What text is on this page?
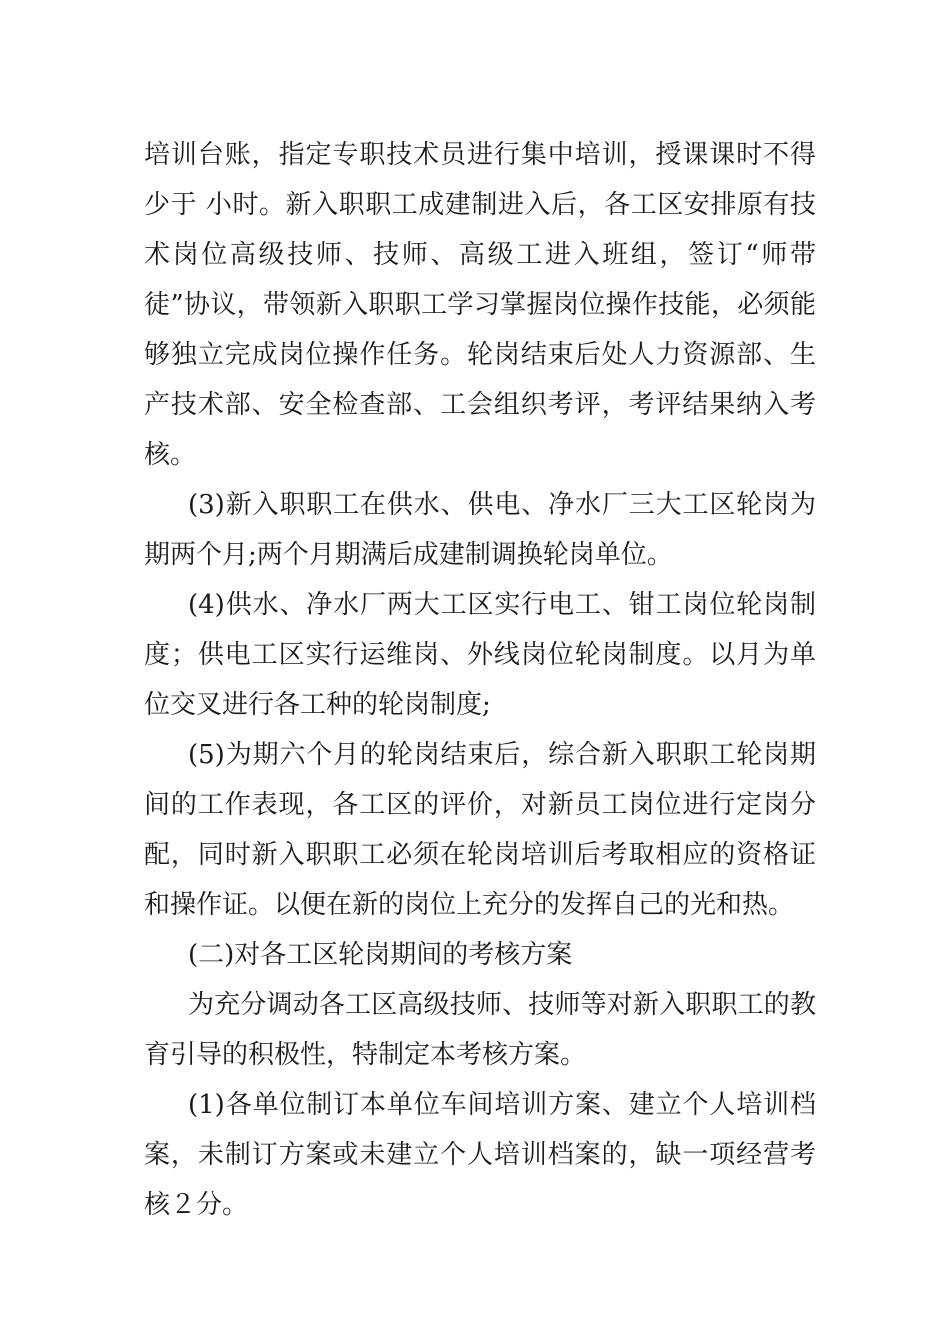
培训台账，指定专职技术员进行集中培训，授课课时不得少于 小时。新入职职工成建制进入后，各工区安排原有技术岗位高级技师、技师、高级工进入班组，签订“师带徒”协议，带领新入职职工学习掌握岗位操作技能，必须能够独立完成岗位操作任务。轮岗结束后处人力资源部、生产技术部、安全检查部、工会组织考评，考评结果纳入考核。

(3)新入职职工在供水、供电、净水厂三大工区轮岗为期两个月;两个月期满后成建制调换轮岗单位。

(4)供水、净水厂两大工区实行电工、钳工岗位轮岗制度；供电工区实行运维岗、外线岗位轮岗制度。以月为单位交叉进行各工种的轮岗制度;

(5)为期六个月的轮岗结束后，综合新入职职工轮岗期间的工作表现，各工区的评价，对新员工岗位进行定岗分配，同时新入职职工必须在轮岗培训后考取相应的资格证和操作证。以便在新的岗位上充分的发挥自己的光和热。

(二)对各工区轮岗期间的考核方案

为充分调动各工区高级技师、技师等对新入职职工的教育引导的积极性，特制定本考核方案。

(1)各单位制订本单位车间培训方案、建立个人培训档案，未制订方案或未建立个人培训档案的，缺一项经营考核２分。
